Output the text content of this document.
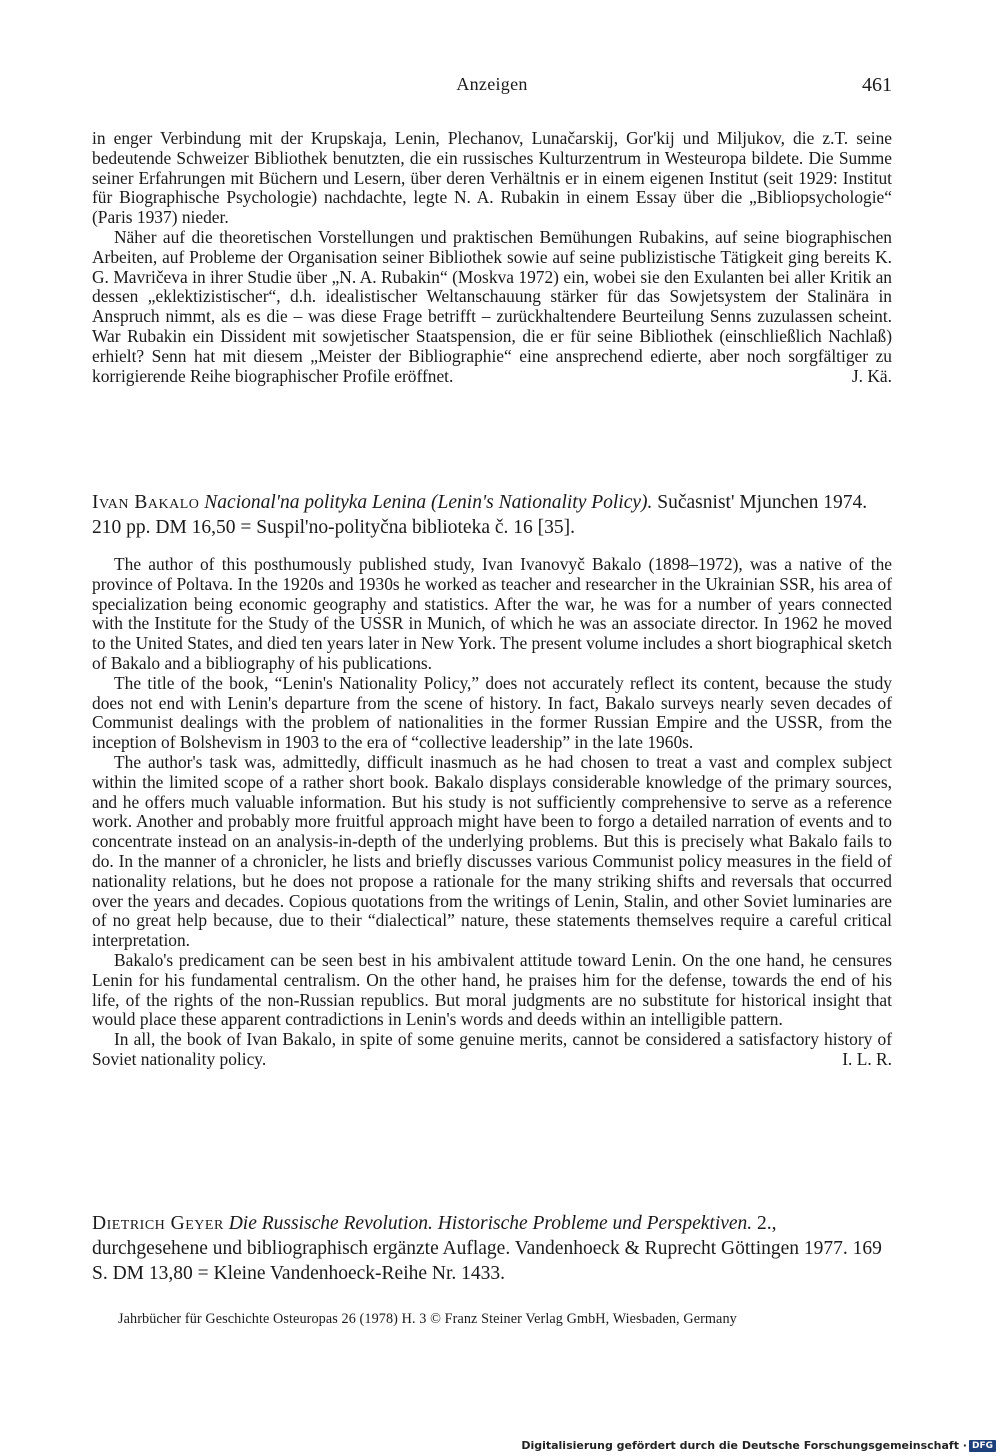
Anzeigen	461

in enger Verbindung mit der Krupskaja, Lenin, Plechanov, Lunačarskij, Gor'kij und Miljukov, die z.T. seine bedeutende Schweizer Bibliothek benutzten, die ein russisches Kulturzentrum in Westeuropa bildete. Die Summe seiner Erfahrungen mit Büchern und Lesern, über deren Verhältnis er in einem eigenen Institut (seit 1929: Institut für Biographische Psychologie) nachdachte, legte N. A. Rubakin in einem Essay über die „Bibliopsychologie“ (Paris 1937) nieder.

Näher auf die theoretischen Vorstellungen und praktischen Bemühungen Rubakins, auf seine biographischen Arbeiten, auf Probleme der Organisation seiner Bibliothek sowie auf seine publizistische Tätigkeit ging bereits K. G. Mavričeva in ihrer Studie über „N. A. Rubakin“ (Moskva 1972) ein, wobei sie den Exulanten bei aller Kritik an dessen „eklektizistischer“, d.h. idealistischer Weltanschauung stärker für das Sowjetsystem der Stalinära in Anspruch nimmt, als es die – was diese Frage betrifft – zurückhaltendere Beurteilung Senns zuzulassen scheint. War Rubakin ein Dissident mit sowjetischer Staatspension, die er für seine Bibliothek (einschließlich Nachlaß) erhielt? Senn hat mit diesem „Meister der Bibliographie“ eine ansprechend edierte, aber noch sorgfältiger zu korrigierende Reihe biographischer Profile eröffnet.	J. Kä.

Ivan Bakalo Nacional'na polityka Lenina (Lenin's Nationality Policy). Sučasnist' Mjunchen 1974. 210 pp. DM 16,50 = Suspil'no-polityčna biblioteka č. 16 [35].

The author of this posthumously published study, Ivan Ivanovyč Bakalo (1898–1972), was a native of the province of Poltava. In the 1920s and 1930s he worked as teacher and researcher in the Ukrainian SSR, his area of specialization being economic geography and statistics. After the war, he was for a number of years connected with the Institute for the Study of the USSR in Munich, of which he was an associate director. In 1962 he moved to the United States, and died ten years later in New York. The present volume includes a short biographical sketch of Bakalo and a bibliography of his publications.

The title of the book, “Lenin's Nationality Policy,” does not accurately reflect its content, because the study does not end with Lenin's departure from the scene of history. In fact, Bakalo surveys nearly seven decades of Communist dealings with the problem of nationalities in the former Russian Empire and the USSR, from the inception of Bolshevism in 1903 to the era of “collective leadership” in the late 1960s.

The author's task was, admittedly, difficult inasmuch as he had chosen to treat a vast and complex subject within the limited scope of a rather short book. Bakalo displays considerable knowledge of the primary sources, and he offers much valuable information. But his study is not sufficiently comprehensive to serve as a reference work. Another and probably more fruitful approach might have been to forgo a detailed narration of events and to concentrate instead on an analysis-in-depth of the underlying problems. But this is precisely what Bakalo fails to do. In the manner of a chronicler, he lists and briefly discusses various Communist policy measures in the field of nationality relations, but he does not propose a rationale for the many striking shifts and reversals that occurred over the years and decades. Copious quotations from the writings of Lenin, Stalin, and other Soviet luminaries are of no great help because, due to their “dialectical” nature, these statements themselves require a careful critical interpretation.

Bakalo's predicament can be seen best in his ambivalent attitude toward Lenin. On the one hand, he censures Lenin for his fundamental centralism. On the other hand, he praises him for the defense, towards the end of his life, of the rights of the non-Russian republics. But moral judgments are no substitute for historical insight that would place these apparent contradictions in Lenin's words and deeds within an intelligible pattern.

In all, the book of Ivan Bakalo, in spite of some genuine merits, cannot be considered a satisfactory history of Soviet nationality policy.	I. L. R.

Dietrich Geyer Die Russische Revolution. Historische Probleme und Perspektiven. 2., durchgesehene und bibliographisch ergänzte Auflage. Vandenhoeck & Ruprecht Göttingen 1977. 169 S. DM 13,80 = Kleine Vandenhoeck-Reihe Nr. 1433.

Jahrbücher für Geschichte Osteuropas 26 (1978) H. 3 © Franz Steiner Verlag GmbH, Wiesbaden, Germany
Digitalisierung gefördert durch die Deutsche Forschungsgemeinschaft · DFG
